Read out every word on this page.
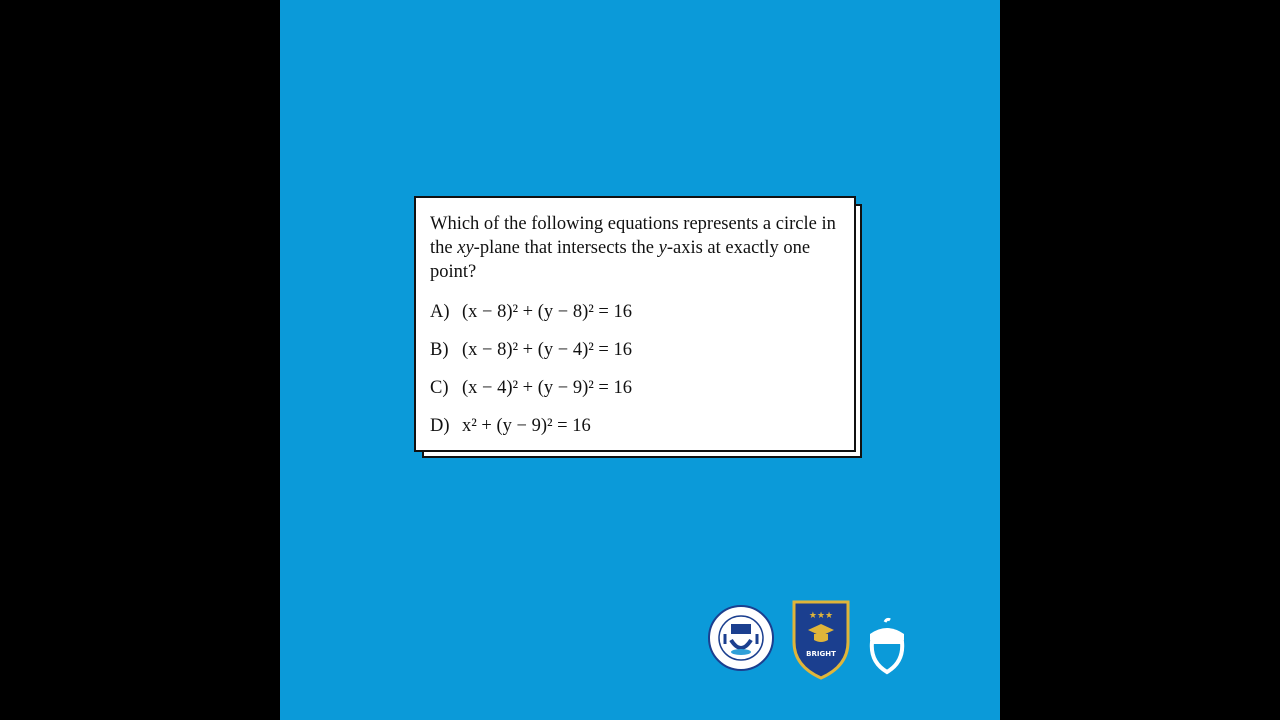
Which of the following equations represents a circle in the xy-plane that intersects the y-axis at exactly one point?

A) (x − 8)² + (y − 8)² = 16
B) (x − 8)² + (y − 4)² = 16
C) (x − 4)² + (y − 9)² = 16
D) x² + (y − 9)² = 16
★★★
BRIGHT
